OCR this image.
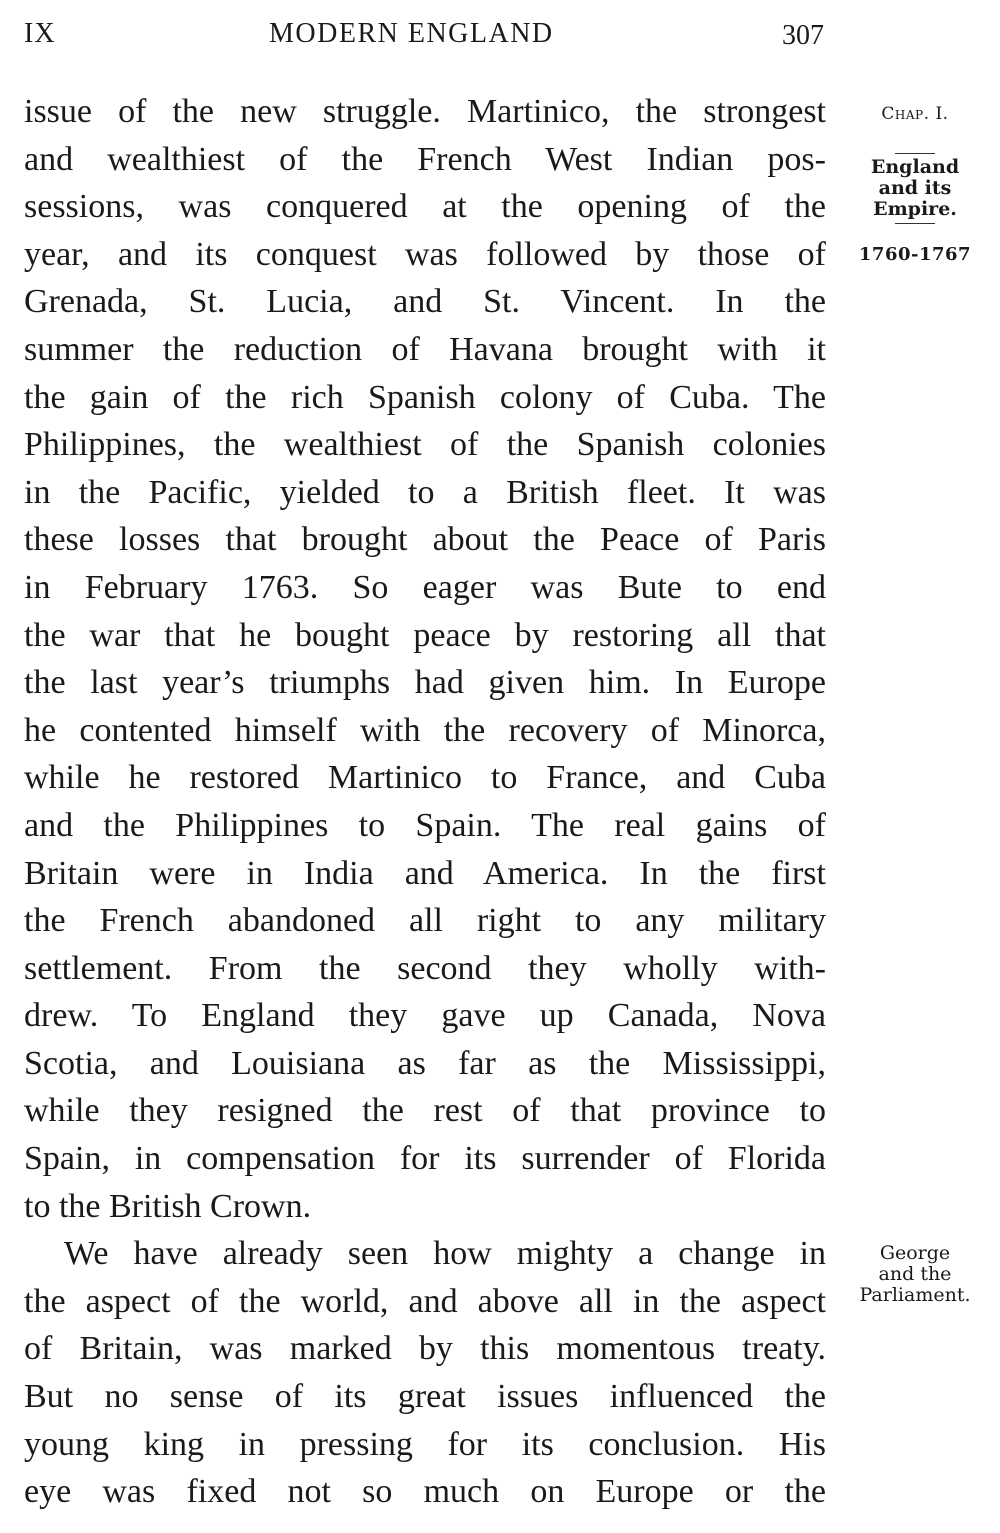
IX	MODERN ENGLAND	307
Chap. I.
England
and its
Empire.
1760-1767
George
and the
Parliament.
issue of the new struggle. Martinico, the strongest
and wealthiest of the French West Indian pos-
sessions, was conquered at the opening of the
year, and its conquest was followed by those of
Grenada, St. Lucia, and St. Vincent. In the
summer the reduction of Havana brought with it
the gain of the rich Spanish colony of Cuba. The
Philippines, the wealthiest of the Spanish colonies
in the Pacific, yielded to a British fleet. It was
these losses that brought about the Peace of Paris
in February 1763. So eager was Bute to end
the war that he bought peace by restoring all that
the last year’s triumphs had given him. In Europe
he contented himself with the recovery of Minorca,
while he restored Martinico to France, and Cuba
and the Philippines to Spain. The real gains of
Britain were in India and America. In the first
the French abandoned all right to any military
settlement. From the second they wholly with-
drew. To England they gave up Canada, Nova
Scotia, and Louisiana as far as the Mississippi,
while they resigned the rest of that province to
Spain, in compensation for its surrender of Florida
to the British Crown.
We have already seen how mighty a change in
the aspect of the world, and above all in the aspect
of Britain, was marked by this momentous treaty.
But no sense of its great issues influenced the
young king in pressing for its conclusion. His
eye was fixed not so much on Europe or the
